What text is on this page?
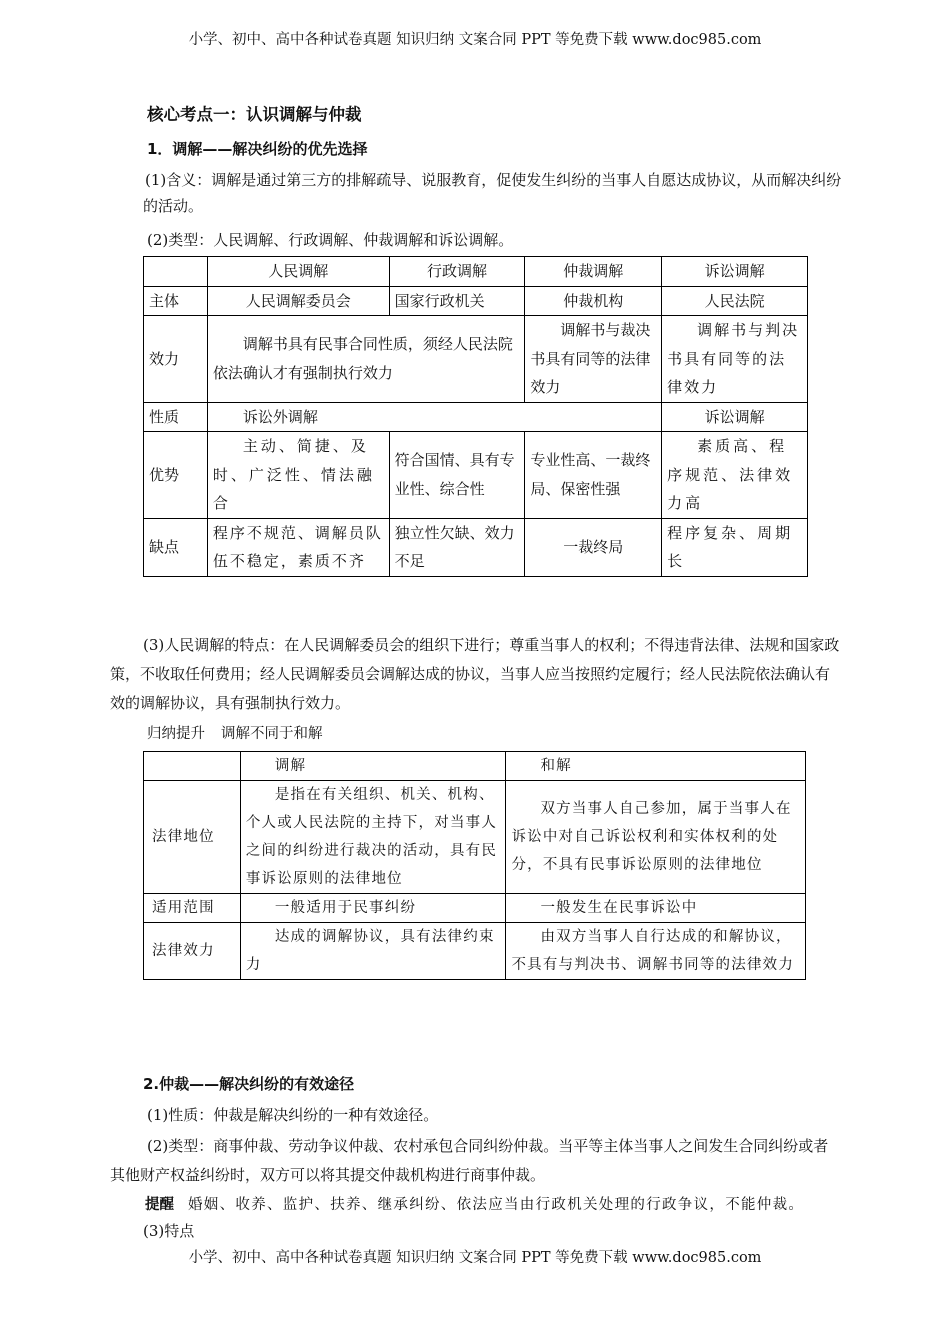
小学、初中、高中各种试卷真题 知识归纳 文案合同 PPT 等免费下载 www.doc985.com
核心考点一：认识调解与仲裁
1．调解——解决纠纷的优先选择
(1)含义：调解是通过第三方的排解疏导、说服教育，促使发生纠纷的当事人自愿达成协议，从而解决纠纷的活动。
(2)类型：人民调解、行政调解、仲裁调解和诉讼调解。
	人民调解	行政调解	仲裁调解	诉讼调解
主体	人民调解委员会	国家行政机关	仲裁机构	人民法院
效力	调解书具有民事合同性质，须经人民法院依法确认才有强制执行效力		调解书与裁决书具有同等的法律效力	调解书与判决书具有同等的法律效力
性质	诉讼外调解			诉讼调解
优势	主动、简捷、及时、广泛性、情法融合	符合国情、具有专业性、综合性	专业性高、一裁终局、保密性强	素质高、程序规范、法律效力高
缺点	程序不规范、调解员队伍不稳定，素质不齐	独立性欠缺、效力不足	一裁终局	程序复杂、周期长
(3)人民调解的特点：在人民调解委员会的组织下进行；尊重当事人的权利；不得违背法律、法规和国家政策，不收取任何费用；经人民调解委员会调解达成的协议，当事人应当按照约定履行；经人民法院依法确认有效的调解协议，具有强制执行效力。
归纳提升 调解不同于和解
	调解	和解
法律地位	是指在有关组织、机关、机构、个人或人民法院的主持下，对当事人之间的纠纷进行裁决的活动，具有民事诉讼原则的法律地位	双方当事人自己参加，属于当事人在诉讼中对自己诉讼权利和实体权利的处分，不具有民事诉讼原则的法律地位
适用范围	一般适用于民事纠纷	一般发生在民事诉讼中
法律效力	达成的调解协议，具有法律约束力	由双方当事人自行达成的和解协议，不具有与判决书、调解书同等的法律效力
2.仲裁——解决纠纷的有效途径
(1)性质：仲裁是解决纠纷的一种有效途径。
(2)类型：商事仲裁、劳动争议仲裁、农村承包合同纠纷仲裁。当平等主体当事人之间发生合同纠纷或者其他财产权益纠纷时，双方可以将其提交仲裁机构进行商事仲裁。
提醒 婚姻、收养、监护、扶养、继承纠纷、依法应当由行政机关处理的行政争议，不能仲裁。
(3)特点
小学、初中、高中各种试卷真题 知识归纳 文案合同 PPT 等免费下载 www.doc985.com
